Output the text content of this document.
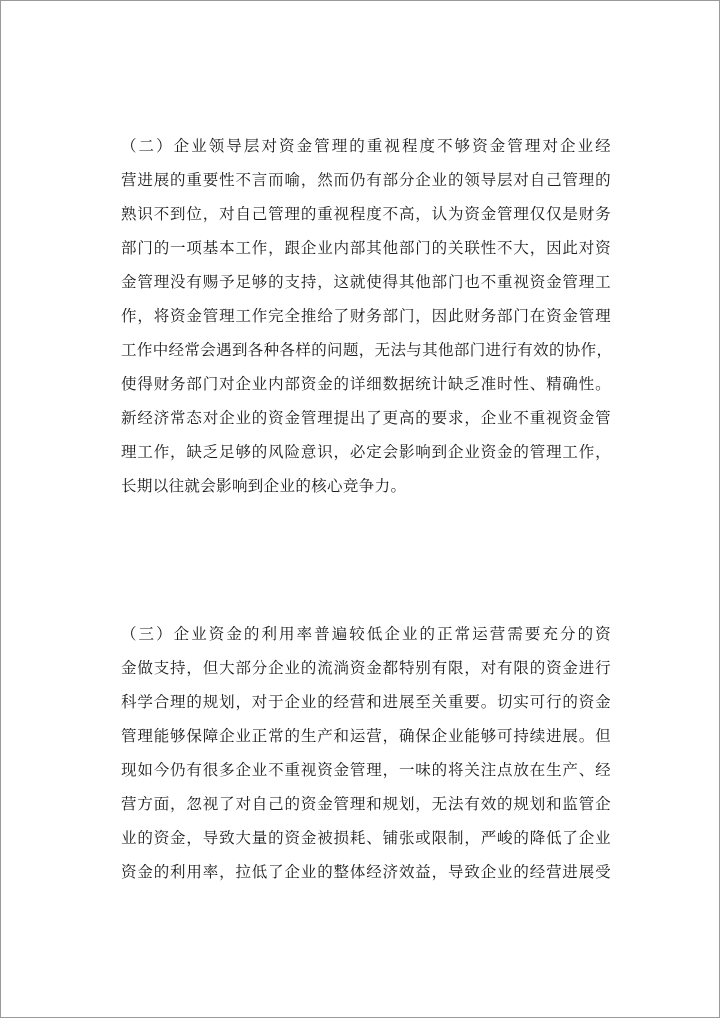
（二）企业领导层对资金管理的重视程度不够资金管理对企业经
营进展的重要性不言而喻，然而仍有部分企业的领导层对自己管理的
熟识不到位，对自己管理的重视程度不高，认为资金管理仅仅是财务
部门的一项基本工作，跟企业内部其他部门的关联性不大，因此对资
金管理没有赐予足够的支持，这就使得其他部门也不重视资金管理工
作，将资金管理工作完全推给了财务部门，因此财务部门在资金管理
工作中经常会遇到各种各样的问题，无法与其他部门进行有效的协作，
使得财务部门对企业内部资金的详细数据统计缺乏准时性、精确性。
新经济常态对企业的资金管理提出了更高的要求，企业不重视资金管
理工作，缺乏足够的风险意识，必定会影响到企业资金的管理工作，
长期以往就会影响到企业的核心竞争力。

（三）企业资金的利用率普遍较低企业的正常运营需要充分的资
金做支持，但大部分企业的流淌资金都特别有限，对有限的资金进行
科学合理的规划，对于企业的经营和进展至关重要。切实可行的资金
管理能够保障企业正常的生产和运营，确保企业能够可持续进展。但
现如今仍有很多企业不重视资金管理，一味的将关注点放在生产、经
营方面，忽视了对自己的资金管理和规划，无法有效的规划和监管企
业的资金，导致大量的资金被损耗、铺张或限制，严峻的降低了企业
资金的利用率，拉低了企业的整体经济效益，导致企业的经营进展受
